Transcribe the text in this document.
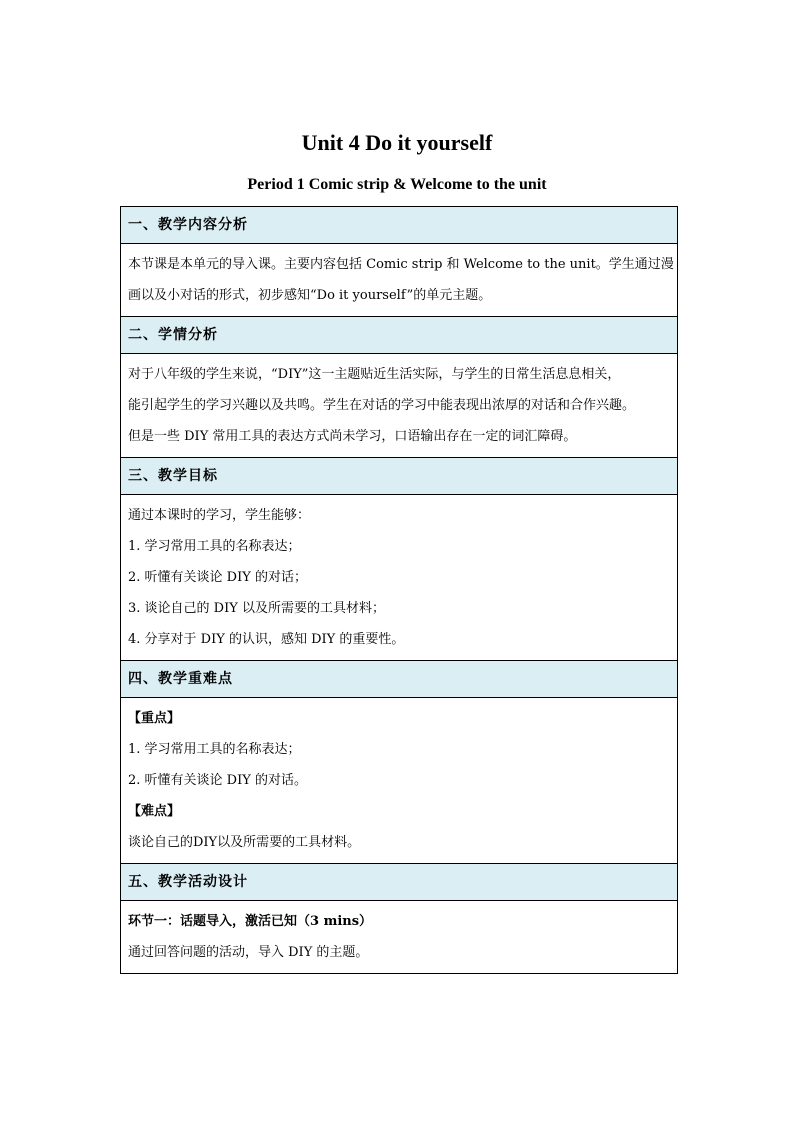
Unit 4 Do it yourself
Period 1 Comic strip & Welcome to the unit
一、教学内容分析

本节课是本单元的导入课。主要内容包括 Comic strip 和 Welcome to the unit。学生通过漫
画以及小对话的形式，初步感知“Do it yourself”的单元主题。

二、学情分析

对于八年级的学生来说，“DIY”这一主题贴近生活实际，与学生的日常生活息息相关，
能引起学生的学习兴趣以及共鸣。学生在对话的学习中能表现出浓厚的对话和合作兴趣。
但是一些 DIY 常用工具的表达方式尚未学习，口语输出存在一定的词汇障碍。

三、教学目标

通过本课时的学习，学生能够：
1. 学习常用工具的名称表达；
2. 听懂有关谈论 DIY 的对话；
3. 谈论自己的 DIY 以及所需要的工具材料；
4. 分享对于 DIY 的认识，感知 DIY 的重要性。

四、教学重难点

【重点】
1. 学习常用工具的名称表达；
2. 听懂有关谈论 DIY 的对话。
【难点】
谈论自己的DIY以及所需要的工具材料。

五、教学活动设计

环节一：话题导入，激活已知（3 mins）
通过回答问题的活动，导入 DIY 的主题。
